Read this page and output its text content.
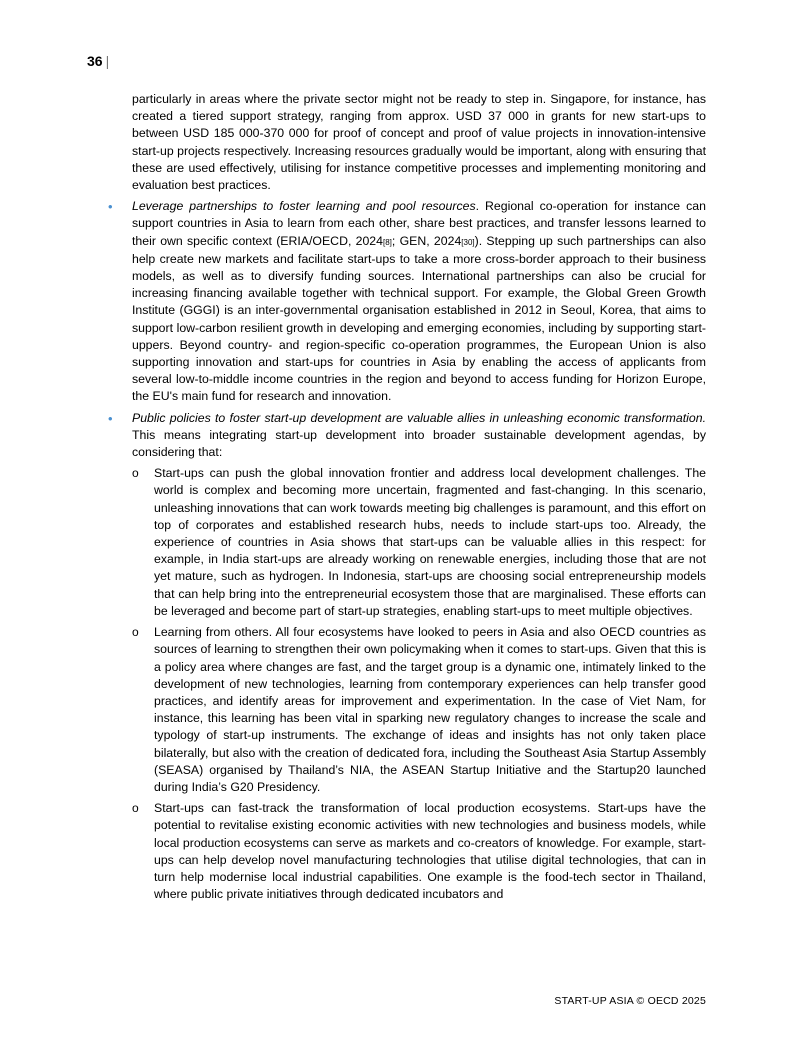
36 |

particularly in areas where the private sector might not be ready to step in. Singapore, for instance, has created a tiered support strategy, ranging from approx. USD 37 000 in grants for new start-ups to between USD 185 000-370 000 for proof of concept and proof of value projects in innovation-intensive start-up projects respectively. Increasing resources gradually would be important, along with ensuring that these are used effectively, utilising for instance competitive processes and implementing monitoring and evaluation best practices.

• Leverage partnerships to foster learning and pool resources. Regional co-operation for instance can support countries in Asia to learn from each other, share best practices, and transfer lessons learned to their own specific context (ERIA/OECD, 2024[8]; GEN, 2024[30]). Stepping up such partnerships can also help create new markets and facilitate start-ups to take a more cross-border approach to their business models, as well as to diversify funding sources. International partnerships can also be crucial for increasing financing available together with technical support. For example, the Global Green Growth Institute (GGGI) is an inter-governmental organisation established in 2012 in Seoul, Korea, that aims to support low-carbon resilient growth in developing and emerging economies, including by supporting start-uppers. Beyond country- and region-specific co-operation programmes, the European Union is also supporting innovation and start-ups for countries in Asia by enabling the access of applicants from several low-to-middle income countries in the region and beyond to access funding for Horizon Europe, the EU's main fund for research and innovation.
• Public policies to foster start-up development are valuable allies in unleashing economic transformation. This means integrating start-up development into broader sustainable development agendas, by considering that:
o Start-ups can push the global innovation frontier and address local development challenges. The world is complex and becoming more uncertain, fragmented and fast-changing. In this scenario, unleashing innovations that can work towards meeting big challenges is paramount, and this effort on top of corporates and established research hubs, needs to include start-ups too. Already, the experience of countries in Asia shows that start-ups can be valuable allies in this respect: for example, in India start-ups are already working on renewable energies, including those that are not yet mature, such as hydrogen. In Indonesia, start-ups are choosing social entrepreneurship models that can help bring into the entrepreneurial ecosystem those that are marginalised. These efforts can be leveraged and become part of start-up strategies, enabling start-ups to meet multiple objectives.
o Learning from others. All four ecosystems have looked to peers in Asia and also OECD countries as sources of learning to strengthen their own policymaking when it comes to start-ups. Given that this is a policy area where changes are fast, and the target group is a dynamic one, intimately linked to the development of new technologies, learning from contemporary experiences can help transfer good practices, and identify areas for improvement and experimentation. In the case of Viet Nam, for instance, this learning has been vital in sparking new regulatory changes to increase the scale and typology of start-up instruments. The exchange of ideas and insights has not only taken place bilaterally, but also with the creation of dedicated fora, including the Southeast Asia Startup Assembly (SEASA) organised by Thailand’s NIA, the ASEAN Startup Initiative and the Startup20 launched during India’s G20 Presidency.
o Start-ups can fast-track the transformation of local production ecosystems. Start-ups have the potential to revitalise existing economic activities with new technologies and business models, while local production ecosystems can serve as markets and co-creators of knowledge. For example, start-ups can help develop novel manufacturing technologies that utilise digital technologies, that can in turn help modernise local industrial capabilities. One example is the food-tech sector in Thailand, where public private initiatives through dedicated incubators and
START-UP ASIA © OECD 2025
